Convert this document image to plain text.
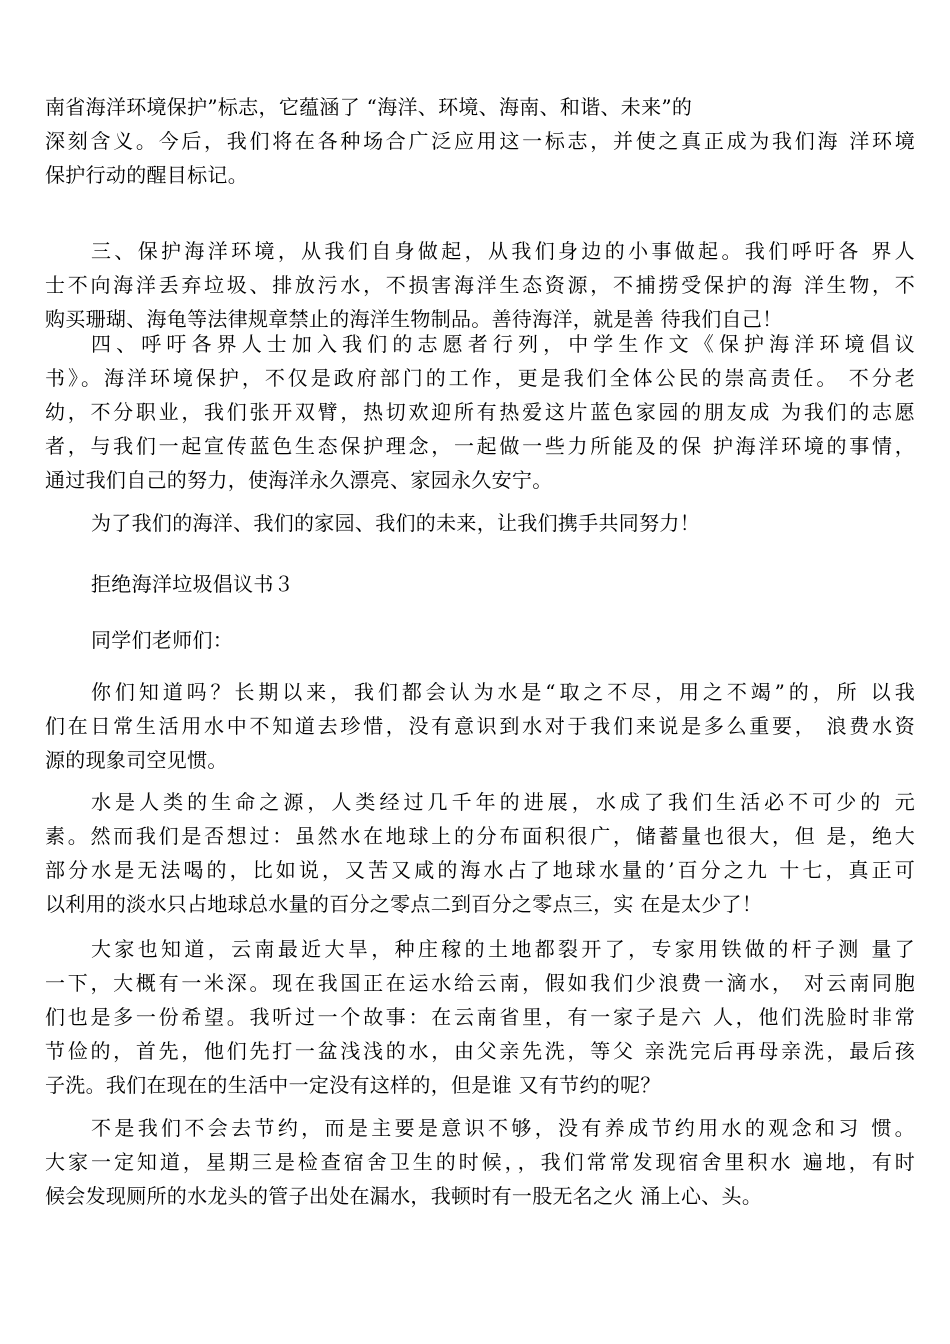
南省海洋环境保护”标志，它蕴涵了 “海洋、环境、海南、和谐、未来”的
深刻含义。今后，我们将在各种场合广泛应用这一标志，并使之真正成为我们海 洋环境
保护行动的醒目标记。
三、保护海洋环境，从我们自身做起，从我们身边的小事做起。我们呼吁各 界人
士不向海洋丢弃垃圾、排放污水，不损害海洋生态资源，不捕捞受保护的海 洋生物，不
购买珊瑚、海龟等法律规章禁止的海洋生物制品。善待海洋，就是善 待我们自己！
四、呼吁各界人士加入我们的志愿者行列，中学生作文《保护海洋环境倡议
书》。海洋环境保护，不仅是政府部门的工作，更是我们全体公民的崇高责任。 不分老
幼，不分职业，我们张开双臂，热切欢迎所有热爱这片蓝色家园的朋友成 为我们的志愿
者，与我们一起宣传蓝色生态保护理念，一起做一些力所能及的保 护海洋环境的事情，
通过我们自己的努力，使海洋永久漂亮、家园永久安宁。
为了我们的海洋、我们的家园、我们的未来，让我们携手共同努力！
拒绝海洋垃圾倡议书３
同学们老师们：
你们知道吗？长期以来，我们都会认为水是“取之不尽，用之不竭”的，所 以我
们在日常生活用水中不知道去珍惜，没有意识到水对于我们来说是多么重要， 浪费水资
源的现象司空见惯。
水是人类的生命之源，人类经过几千年的进展，水成了我们生活必不可少的 元
素。然而我们是否想过：虽然水在地球上的分布面积很广，储蓄量也很大，但 是，绝大
部分水是无法喝的，比如说，又苦又咸的海水占了地球水量的’百分之九 十七，真正可
以利用的淡水只占地球总水量的百分之零点二到百分之零点三，实 在是太少了！
大家也知道，云南最近大旱，种庄稼的土地都裂开了，专家用铁做的杆子测 量了
一下，大概有一米深。现在我国正在运水给云南，假如我们少浪费一滴水， 对云南同胞
们也是多一份希望。我听过一个故事：在云南省里，有一家子是六 人，他们洗脸时非常
节俭的，首先，他们先打一盆浅浅的水，由父亲先洗，等父 亲洗完后再母亲洗，最后孩
子洗。我们在现在的生活中一定没有这样的，但是谁 又有节约的呢？
不是我们不会去节约，而是主要是意识不够，没有养成节约用水的观念和习 惯。
大家一定知道，星期三是检查宿舍卫生的时候，，我们常常发现宿舍里积水 遍地，有时
候会发现厕所的水龙头的管子出处在漏水，我顿时有一股无名之火 涌上心、头。
